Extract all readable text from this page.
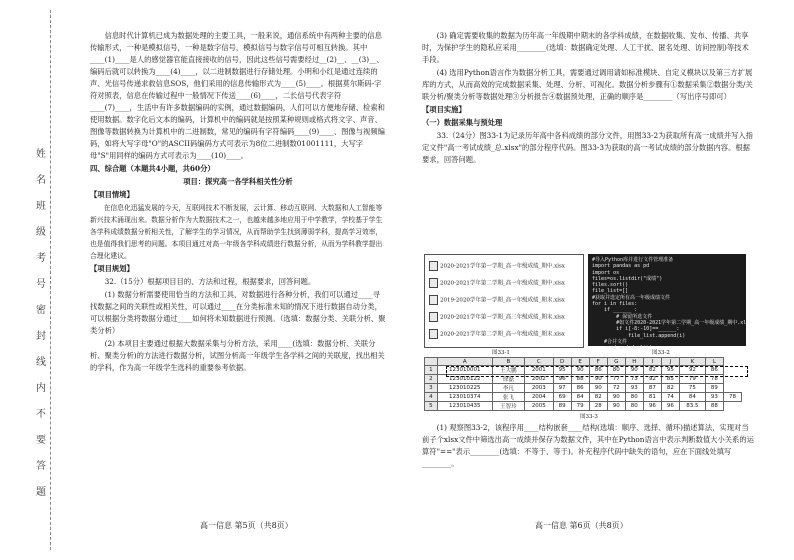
姓
名
班
级
考
号
密
封
线
内
不
要
答
题

信息时代计算机已成为数据处理的主要工具，一般来说，通信系统中有两种主要的信息传输形式，一种是模拟信号，一种是数字信号，模拟信号与数字信号可相互转换。其中____(1)____是人的感觉器官能直接接收的信号，因此这些信号需要经过__(2)__、__(3)__、编码后就可以转换为____(4)____，以二进制数据进行存储处理。小明和小红是通过连续的声、光信号传递求救信息SOS，他们采用的信息传输形式为____(5)____。根据莫尔斯码-字符对照表，信息在传输过程中一般情况下传送____(6)____，二长信号代表字符____(7)____，生活中有许多数据编码的实例，通过数据编码，人们可以方便地存储、检索和使用数据。数字化后文本的编码，计算机中的编码就是按照某种规则或格式将文字、声音、图像等数据转换为计算机中的二进制数，常见的编码有字符编码____(9)____、图像与视频编码，如将大写字母"O"的ASCII码编码方式可表示为8位二进制数01001111，大写字母"S"用同样的编码方式可表示为____(10)____。

四、综合题（本题共4小题，共60分）

项目：探究高一各学科相关性分析

【项目情境】

在信息化迅猛发展的今天，互联网技术不断发展，云计算、移动互联网、大数据和人工智能等新兴技术涌现出来。数据分析作为大数据技术之一，也越来越多地应用于中学教学，学校基于学生各学科成绩数据分析相关性，了解学生的学习情况，从而帮助学生找到薄弱学科，提高学习效率，也是值得我们思考的问题。本项目通过对高一年级各学科成绩进行数据分析，从而为学科教学提出合理化建议。

【项目规划】

32.（15分）根据项目目的、方法和过程，根据要求，回答问题。

(1) 数据分析需要使用恰当的方法和工具，对数据进行各种分析，我们可以通过____寻找数据之间的关联性或相关性，可以通过____在分类标准未知的情况下进行数据自动分类，可以根据分类将数据分通过____如何将未知数据进行预测。（选填：数据分类、关联分析、聚类分析）

(2) 本项目主要通过根据大数据采集与分析方法，采用____(选填：数据分析、关联分析、聚类分析)的方法进行数据分析，试图分析高一年级学生各学科之间的关联度，找出相关的学科，作为高一年级学生选科的重要参考依据。

高一信息 第5页（共8页）

(3) 确定需要收集的数据为历年高一年级期中期末的各学科成绩，在数据收集、发布、传播、共享时，为保护学生的隐私应采用________(选填：数据确定处理、人工干扰、匿名处理、访问控制)等技术手段。

(4) 选用Python语言作为数据分析工具，需要通过调用请如标准模块、自定义模块以及第三方扩展库的方式，从而高效的完成数据采集、处理、分析、可视化。数据分析步骤有①数据采集②数据分类/关联分析/聚类分析等数据处理③分析报告④数据预处理，正确的顺序是________（写出序号即可）

【项目实施】

（一）数据采集与预处理

33.（24分）图33-1为记录历年高中各科成绩的部分文件，用图33-2为获取所有高一成绩并写入指定文件"高一考试成绩_总.xlsx"的部分程序代码。图33-3为获取的高一考试成绩的部分数据内容。根据要求，回答问题。

2020-2021学年第一学期_高一年级成绩_期中.xlsx
2020-2021学年第二学期_高一年级成绩_期中.xlsx
2019-2020学年第一学期_高一年级成绩_期末.xlsx
2020-2021学年第一学期_高三年级成绩_期末.xlsx
2020-2021学年第二学期_高一年级成绩_期末.xlsx
图33-1
#导入Python库并进行文件管理准备
import pandas as pd
import os
files=os.listdir("成绩")
files.sort()
file_list=[]
#获取并选定所有高一年级成绩文件
for i in files:
if ______ :
# 保留所选文件
#如文件2020-2021学年第二学期_高一年级成绩_期中.xlsx
if i[-8:-10]==______:
file_list.append(i)
#合并文件
read_and_deal(i)
图33-2
	A	B	C	D	E	F	G	H	I	J	K	L	
1	123010001	王大鹏	2001	95	90	86	80	90	82	95	92	86	
2	123010122	徐磊	2002	96	88	90	77	73	92	85	79	78	
3	123010225	李凡	2003	97	86	90	72	93	87	82	75	89	
4	123010374	张飞	2004	69	84	82	90	80	81	74	84	93	78
5	123010435	王智玲	2005	89	79	28	90	80	96	96	83.5	88	
图33-3

(1) 观察图33-2，该程序用____结构嵌套____结构(选填：顺序、选择、循环)描述算法，实现对当前子个xlsx文件中筛选出高一成绩并保存为数据文件，其中在Python语言中表示判断数值大小关系的运算符"=="表示________(选填：不等于、等于)。补充程序代码中缺失的语句，应在下面线处填写________。

高一信息 第6页（共8页）
